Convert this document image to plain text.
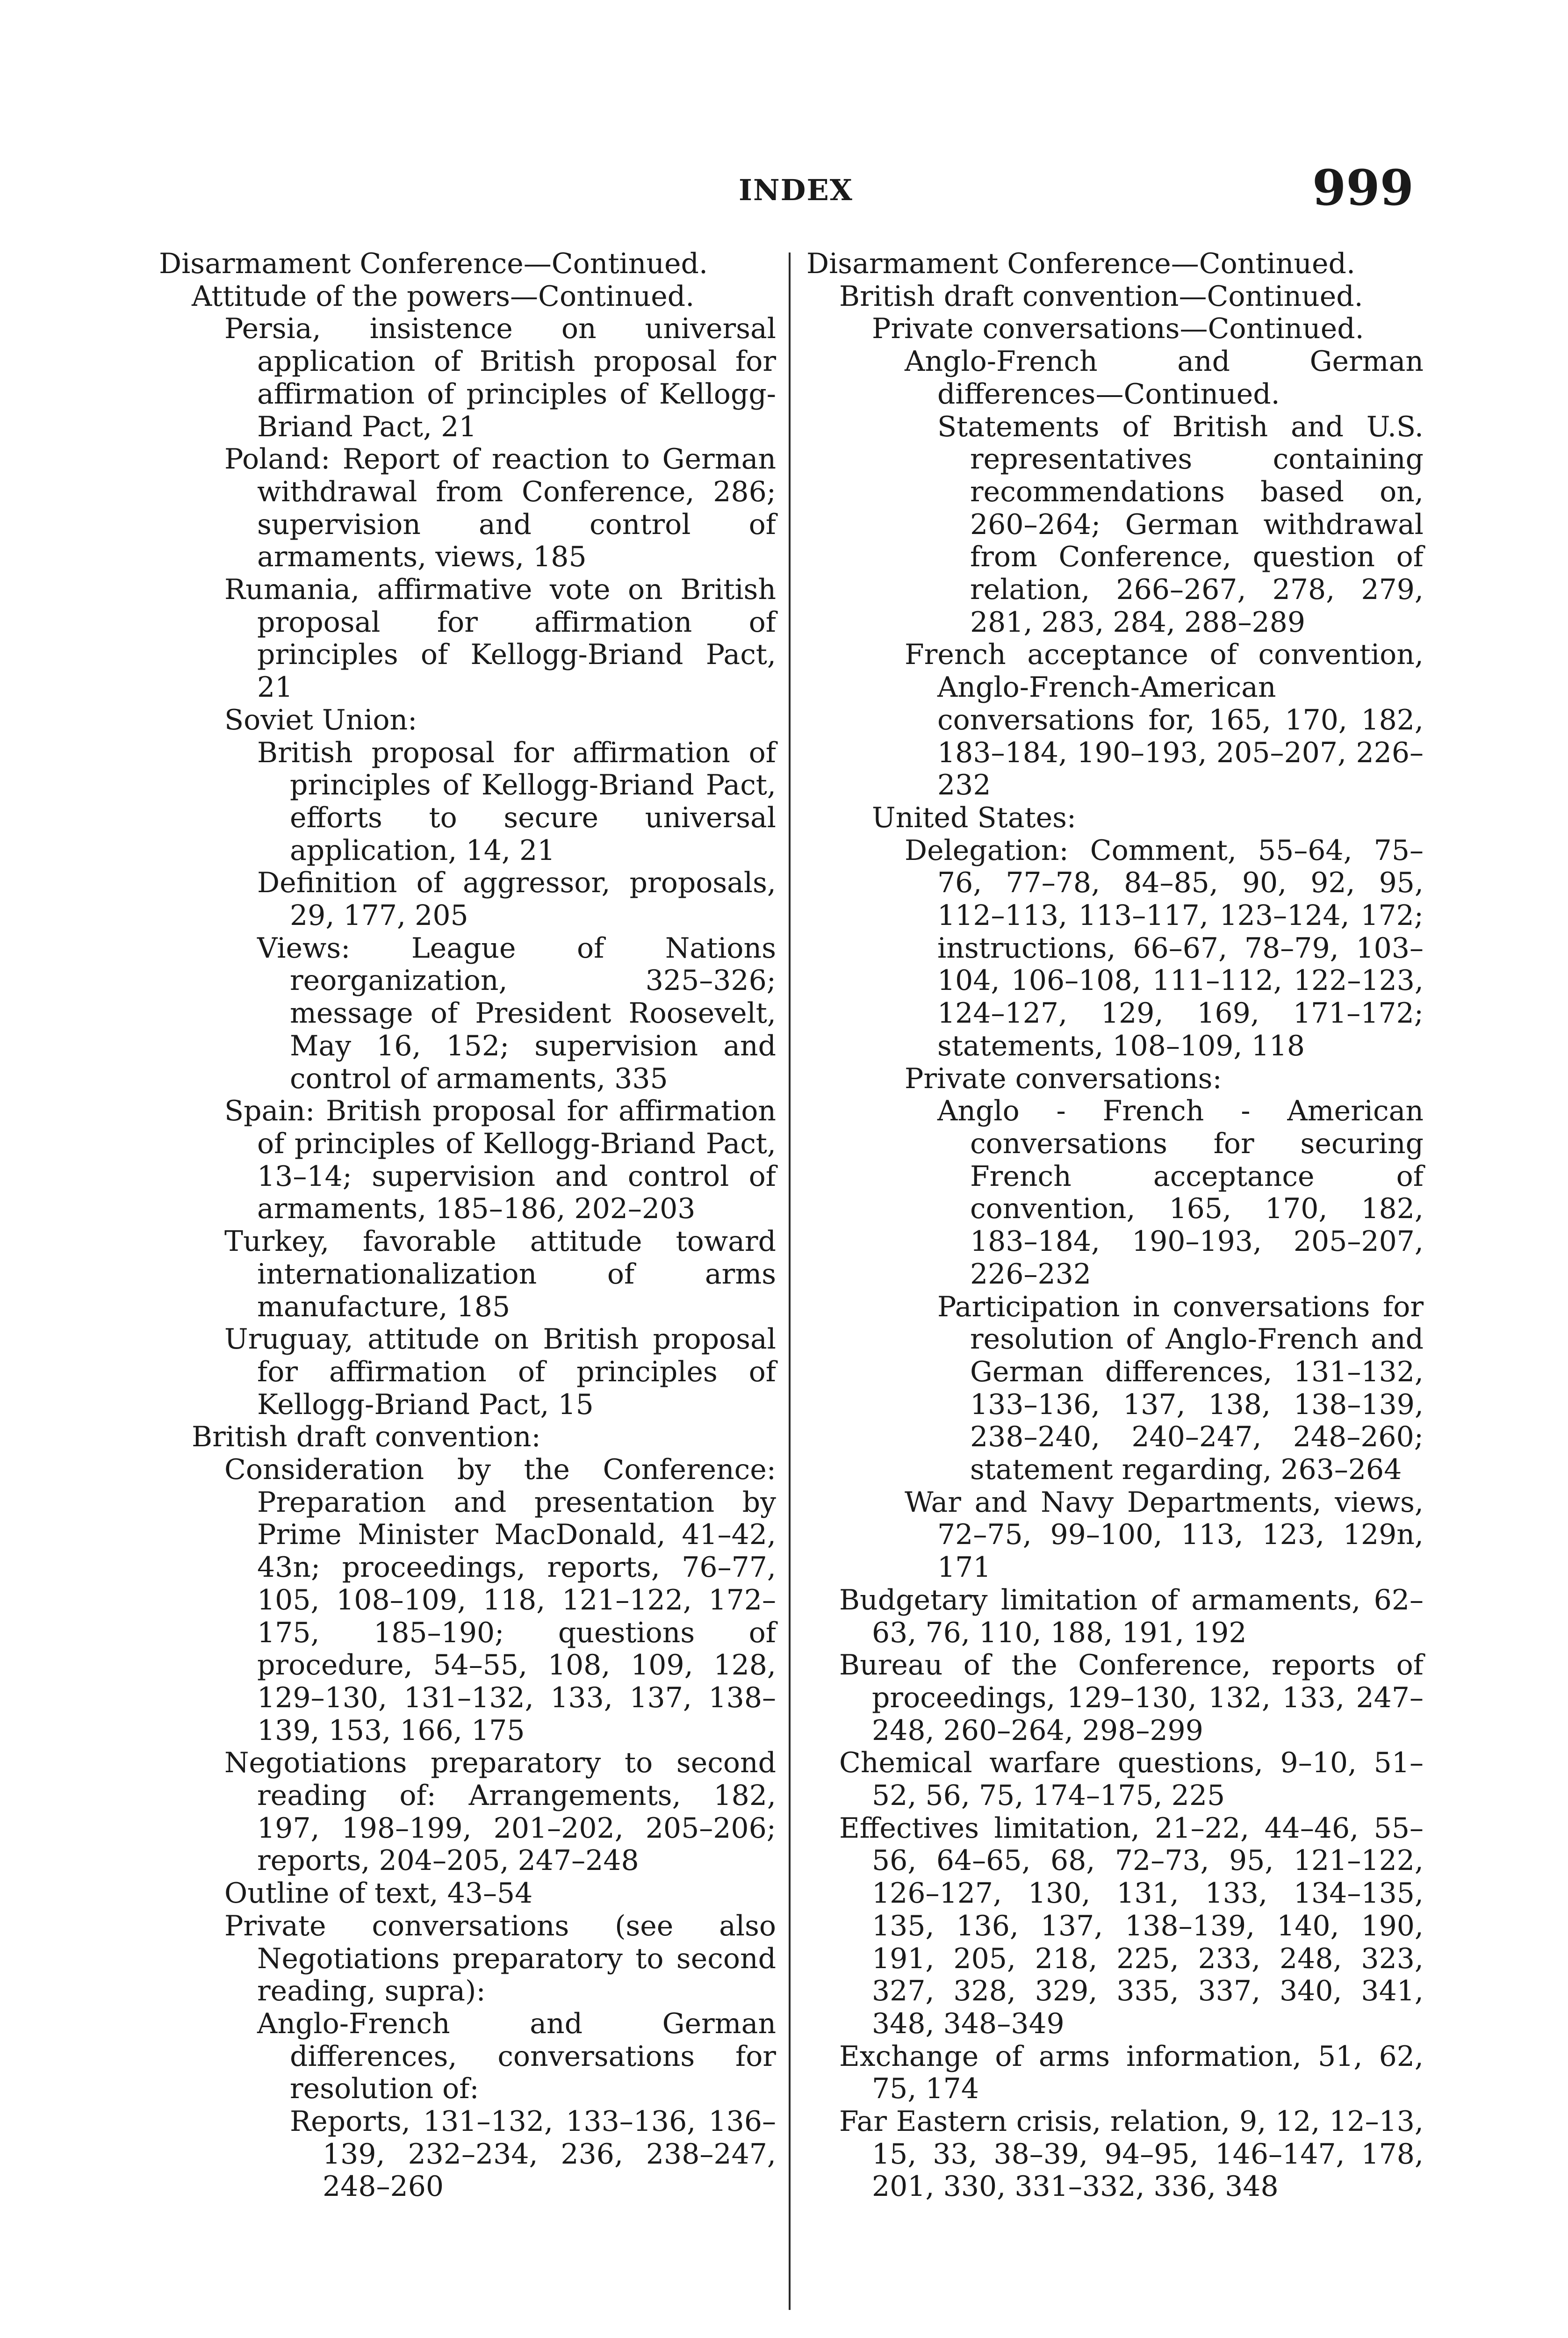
INDEX	999
Disarmament Conference—Continued.
Attitude of the powers—Continued.
Persia, insistence on universal application of British proposal for affirmation of principles of Kellogg-Briand Pact, 21
Poland: Report of reaction to German withdrawal from Conference, 286; supervision and control of armaments, views, 185
Rumania, affirmative vote on British proposal for affirmation of principles of Kellogg-Briand Pact, 21
Soviet Union:
British proposal for affirmation of principles of Kellogg-Briand Pact, efforts to secure universal application, 14, 21
Definition of aggressor, proposals, 29, 177, 205
Views: League of Nations reorganization, 325–326; message of President Roosevelt, May 16, 152; supervision and control of armaments, 335
Spain: British proposal for affirmation of principles of Kellogg-Briand Pact, 13–14; supervision and control of armaments, 185–186, 202–203
Turkey, favorable attitude toward internationalization of arms manufacture, 185
Uruguay, attitude on British proposal for affirmation of principles of Kellogg-Briand Pact, 15
British draft convention:
Consideration by the Conference: Preparation and presentation by Prime Minister MacDonald, 41–42, 43n; proceedings, reports, 76–77, 105, 108–109, 118, 121–122, 172–175, 185–190; questions of procedure, 54–55, 108, 109, 128, 129–130, 131–132, 133, 137, 138–139, 153, 166, 175
Negotiations preparatory to second reading of: Arrangements, 182, 197, 198–199, 201–202, 205–206; reports, 204–205, 247–248
Outline of text, 43–54
Private conversations (see also Negotiations preparatory to second reading, supra):
Anglo-French and German differences, conversations for resolution of:
Reports, 131–132, 133–136, 136–139, 232–234, 236, 238–247, 248–260
Disarmament Conference—Continued.
British draft convention—Continued.
Private conversations—Continued.
Anglo-French and German differences—Continued.
Statements of British and U.S. representatives containing recommendations based on, 260–264; German withdrawal from Conference, question of relation, 266–267, 278, 279, 281, 283, 284, 288–289
French acceptance of convention, Anglo-French-American conversations for, 165, 170, 182, 183–184, 190–193, 205–207, 226–232
United States:
Delegation: Comment, 55–64, 75–76, 77–78, 84–85, 90, 92, 95, 112–113, 113–117, 123–124, 172; instructions, 66–67, 78–79, 103–104, 106–108, 111–112, 122–123, 124–127, 129, 169, 171–172; statements, 108–109, 118
Private conversations:
Anglo - French - American conversations for securing French acceptance of convention, 165, 170, 182, 183–184, 190–193, 205–207, 226–232
Participation in conversations for resolution of Anglo-French and German differences, 131–132, 133–136, 137, 138, 138–139, 238–240, 240–247, 248–260; statement regarding, 263–264
War and Navy Departments, views, 72–75, 99–100, 113, 123, 129n, 171
Budgetary limitation of armaments, 62–63, 76, 110, 188, 191, 192
Bureau of the Conference, reports of proceedings, 129–130, 132, 133, 247–248, 260–264, 298–299
Chemical warfare questions, 9–10, 51–52, 56, 75, 174–175, 225
Effectives limitation, 21–22, 44–46, 55–56, 64–65, 68, 72–73, 95, 121–122, 126–127, 130, 131, 133, 134–135, 135, 136, 137, 138–139, 140, 190, 191, 205, 218, 225, 233, 248, 323, 327, 328, 329, 335, 337, 340, 341, 348, 348–349
Exchange of arms information, 51, 62, 75, 174
Far Eastern crisis, relation, 9, 12, 12–13, 15, 33, 38–39, 94–95, 146–147, 178, 201, 330, 331–332, 336, 348
